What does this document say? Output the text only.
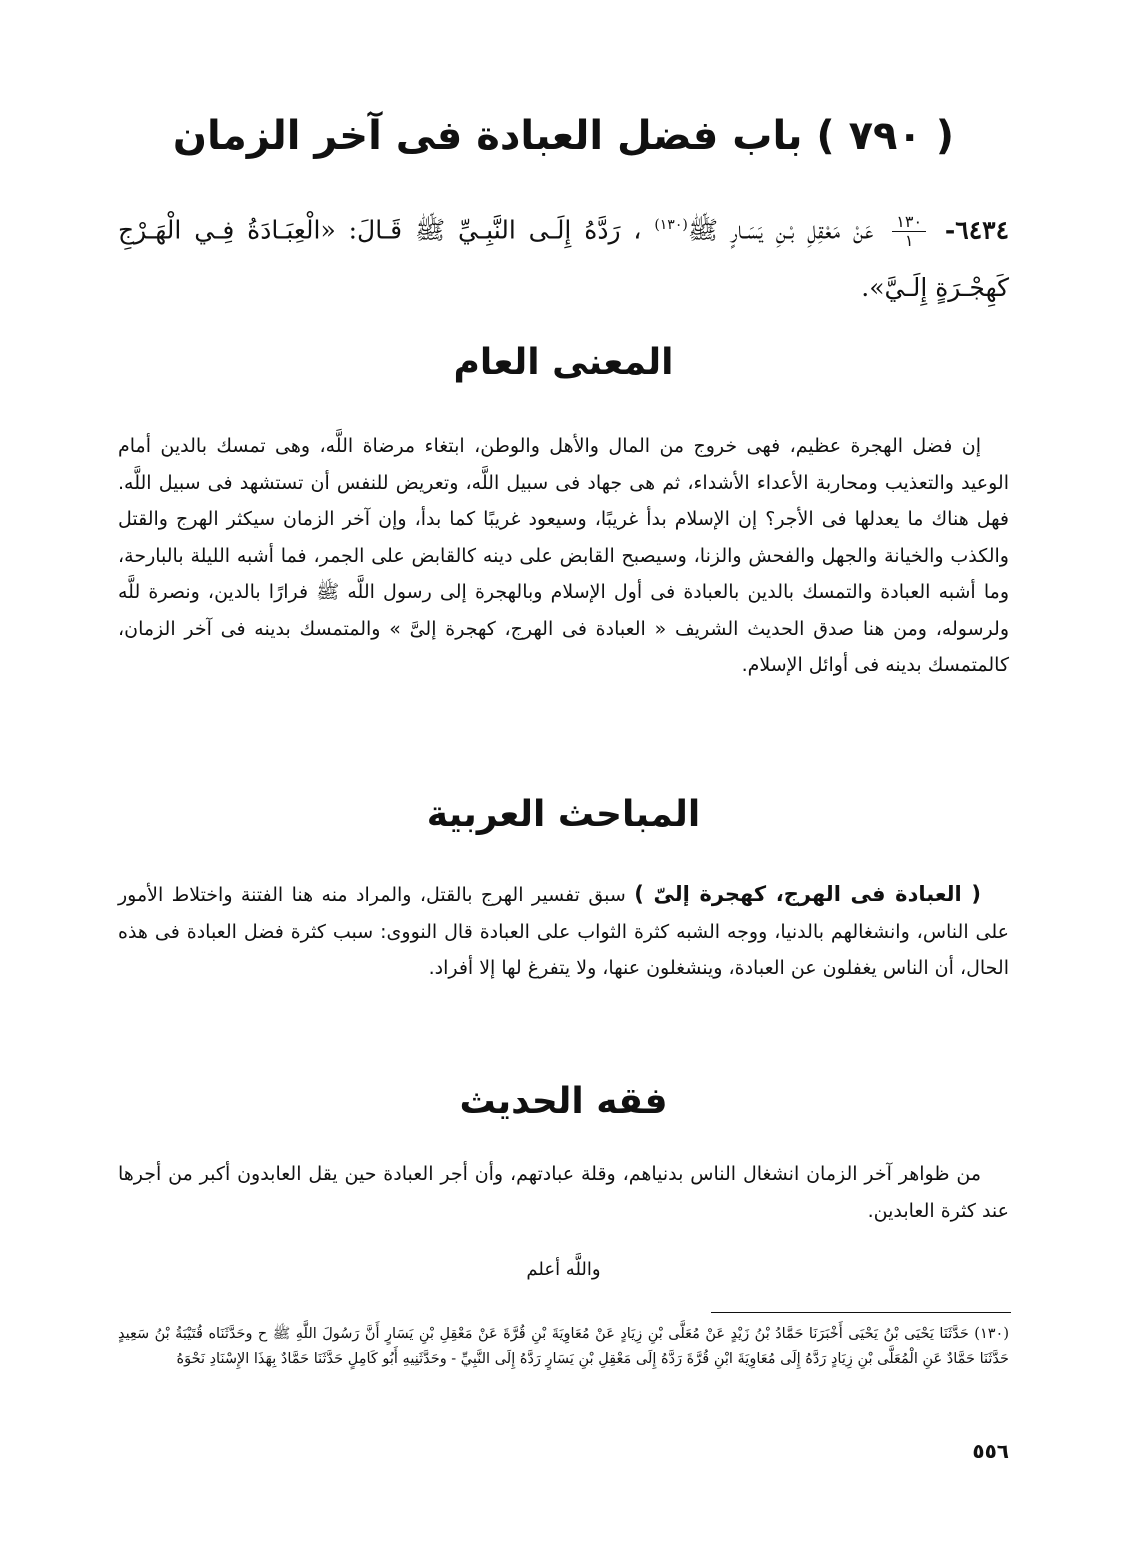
( ٧٩٠ ) باب فضل العبادة فى آخر الزمان

٦٤٣٤-
$\frac{١٣٠}{١}$
عَنْ مَعْقِلِ بْـنِ يَسَـارٍ ﷺ$^{(١٣٠)}$ ، رَدَّهُ إِلَـى النَّبِـيِّ ﷺ قَـالَ: «الْعِبَـادَةُ فِـي الْهَـرْجِ كَهِجْـرَةٍ إِلَـيَّ».

المعنى العام

إن فضل الهجرة عظيم، فهى خروج من المال والأهل والوطن، ابتغاء مرضاة اللَّه، وهى تمسك بالدين أمام الوعيد والتعذيب ومحاربة الأعداء الأشداء، ثم هى جهاد فى سبيل اللَّه، وتعريض للنفس أن تستشهد فى سبيل اللَّه. فهل هناك ما يعدلها فى الأجر؟ إن الإسلام بدأ غريبًا، وسيعود غريبًا كما بدأ، وإن آخر الزمان سيكثر الهرج والقتل والكذب والخيانة والجهل والفحش والزنا، وسيصبح القابض على دينه كالقابض على الجمر، فما أشبه الليلة بالبارحة، وما أشبه العبادة والتمسك بالدين بالعبادة فى أول الإسلام وبالهجرة إلى رسول اللَّه ﷺ فرارًا بالدين، ونصرة للَّه ولرسوله، ومن هنا صدق الحديث الشريف « العبادة فى الهرج، كهجرة إلىَّ » والمتمسك بدينه فى آخر الزمان، كالمتمسك بدينه فى أوائل الإسلام.

المباحث العربية

( العبادة فى الهرج، كهجرة إلىّ ) سبق تفسير الهرج بالقتل، والمراد منه هنا الفتنة واختلاط الأمور على الناس، وانشغالهم بالدنيا، ووجه الشبه كثرة الثواب على العبادة قال النووى: سبب كثرة فضل العبادة فى هذه الحال، أن الناس يغفلون عن العبادة، وينشغلون عنها، ولا يتفرغ لها إلا أفراد.

فقه الحديث

من ظواهر آخر الزمان انشغال الناس بدنياهم، وقلة عبادتهم، وأن أجر العبادة حين يقل العابدون أكبر من أجرها عند كثرة العابدين.

واللَّه أعلم

(١٣٠) حَدَّثَنَا يَحْيَى بْنُ يَحْيَى أَخْبَرَنَا حَمَّادُ بْنُ زَيْدٍ عَنْ مُعَلَّى بْنِ زِيَادٍ عَنْ مُعَاوِيَةَ بْنِ قُرَّةَ عَنْ مَعْقِلِ بْنِ يَسَارٍ أَنَّ رَسُولَ اللَّهِ ﷺ ح وحَدَّثَنَاه قُتَيْبَةُ بْنُ سَعِيدٍ حَدَّثَنَا حَمَّادٌ عَنِ الْمُعَلَّى بْنِ زِيَادٍ رَدَّهُ إِلَى مُعَاوِيَةَ ابْنِ قُرَّةَ رَدَّهُ إِلَى مَعْقِلِ بْنِ يَسَارٍ رَدَّهُ إِلَى النَّبِيِّ - وحَدَّثَنِيهِ أَبُو كَامِلٍ حَدَّثَنَا حَمَّادٌ بِهَذَا الإِسْنَادِ نَحْوَهُ

٥٥٦
